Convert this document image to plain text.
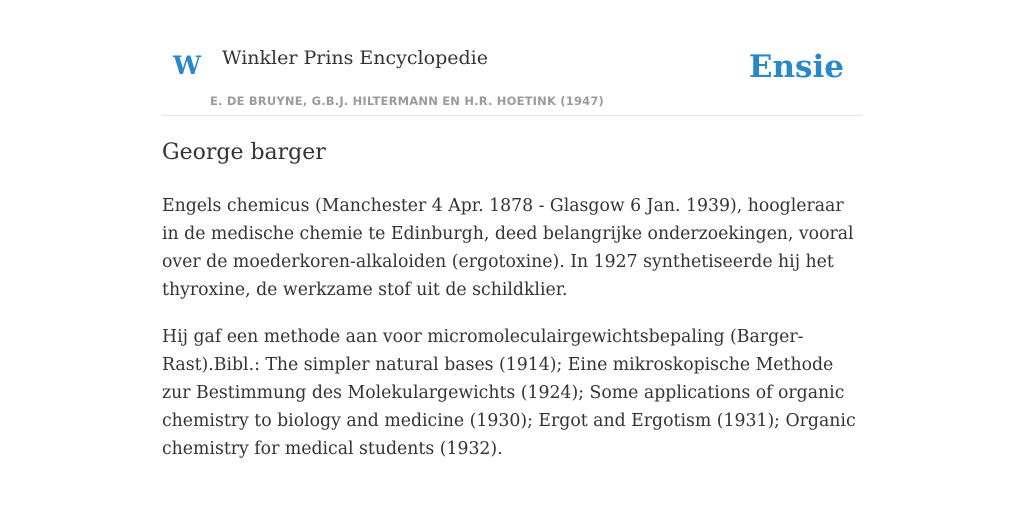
W Winkler Prins Encyclopedie
E. DE BRUYNE, G.B.J. HILTERMANN EN H.R. HOETINK (1947)
Ensie
George barger

Engels chemicus (Manchester 4 Apr. 1878 - Glasgow 6 Jan. 1939), hoogleraar in de medische chemie te Edinburgh, deed belangrijke onderzoekingen, vooral over de moederkoren-alkaloiden (ergotoxine). In 1927 synthetiseerde hij het thyroxine, de werkzame stof uit de schildklier.

Hij gaf een methode aan voor micromoleculairgewichtsbepaling (Barger-Rast).Bibl.: The simpler natural bases (1914); Eine mikroskopische Methode zur Bestimmung des Molekulargewichts (1924); Some applications of organic chemistry to biology and medicine (1930); Ergot and Ergotism (1931); Organic chemistry for medical students (1932).
